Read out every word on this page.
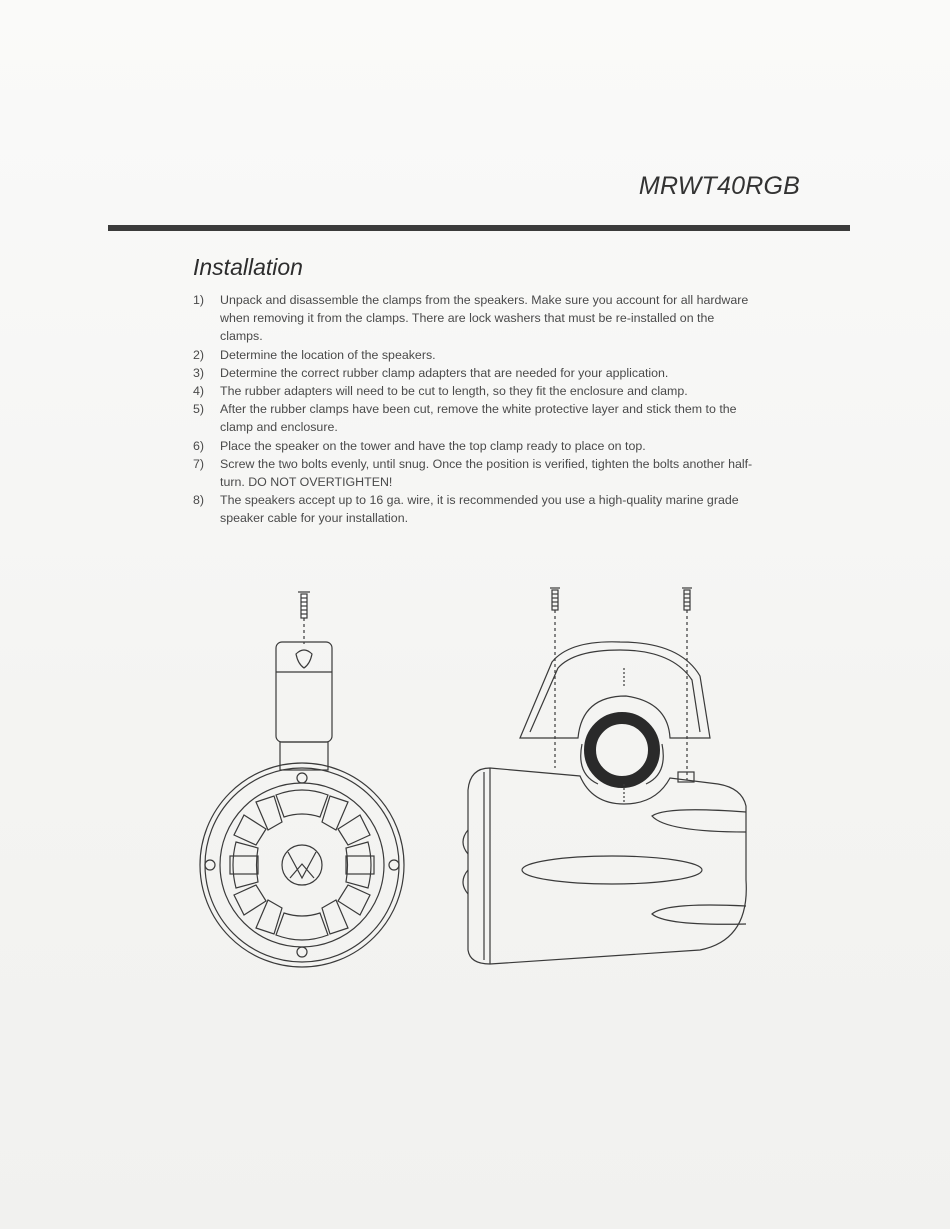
MRWT40RGB
Installation
1) Unpack and disassemble the clamps from the speakers. Make sure you account for all hardware when removing it from the clamps. There are lock washers that must be re-installed on the clamps.
2) Determine the location of the speakers.
3) Determine the correct rubber clamp adapters that are needed for your application.
4) The rubber adapters will need to be cut to length, so they fit the enclosure and clamp.
5) After the rubber clamps have been cut, remove the white protective layer and stick them to the clamp and enclosure.
6) Place the speaker on the tower and have the top clamp ready to place on top.
7) Screw the two bolts evenly, until snug. Once the position is verified, tighten the bolts another half-turn. DO NOT OVERTIGHTEN!
8) The speakers accept up to 16 ga. wire, it is recommended you use a high-quality marine grade speaker cable for your installation.
